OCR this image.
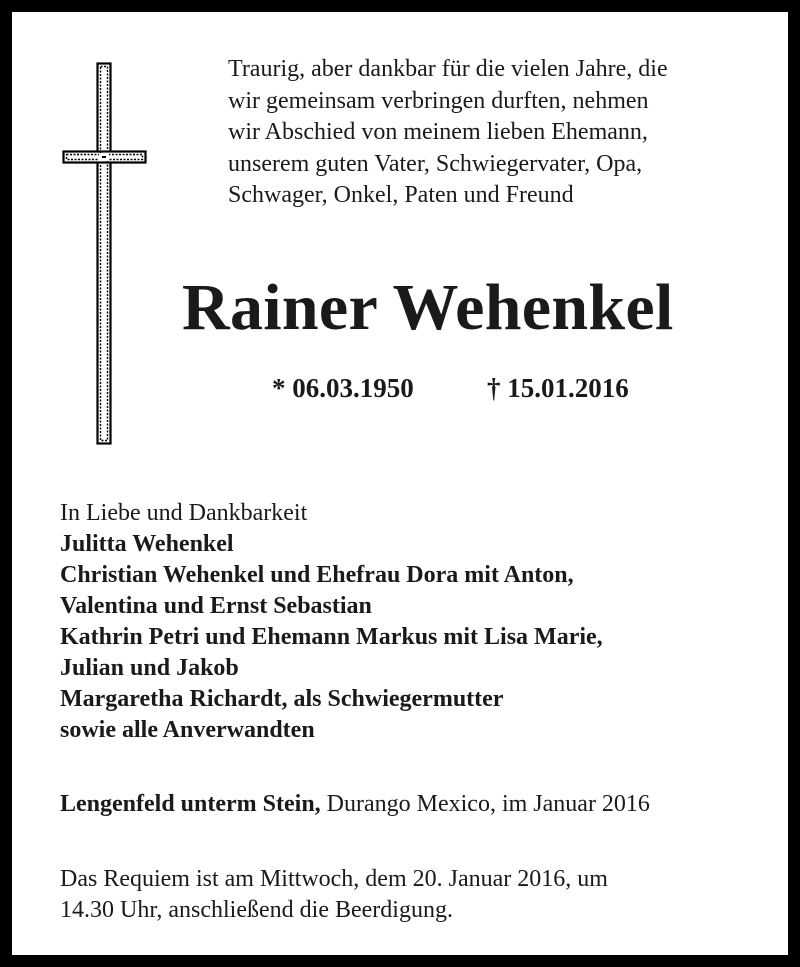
Traurig, aber dankbar für die vielen Jahre, die
wir gemeinsam verbringen durften, nehmen
wir Abschied von meinem lieben Ehemann,
unserem guten Vater, Schwiegervater, Opa,
Schwager, Onkel, Paten und Freund

Rainer Wehenkel
* 06.03.1950	† 15.01.2016
In Liebe und Dankbarkeit
Julitta Wehenkel
Christian Wehenkel und Ehefrau Dora mit Anton,
Valentina und Ernst Sebastian
Kathrin Petri und Ehemann Markus mit Lisa Marie,
Julian und Jakob
Margaretha Richardt, als Schwiegermutter
sowie alle Anverwandten
Lengenfeld unterm Stein, Durango Mexico, im Januar 2016
Das Requiem ist am Mittwoch, dem 20. Januar 2016, um
14.30 Uhr, anschließend die Beerdigung.
